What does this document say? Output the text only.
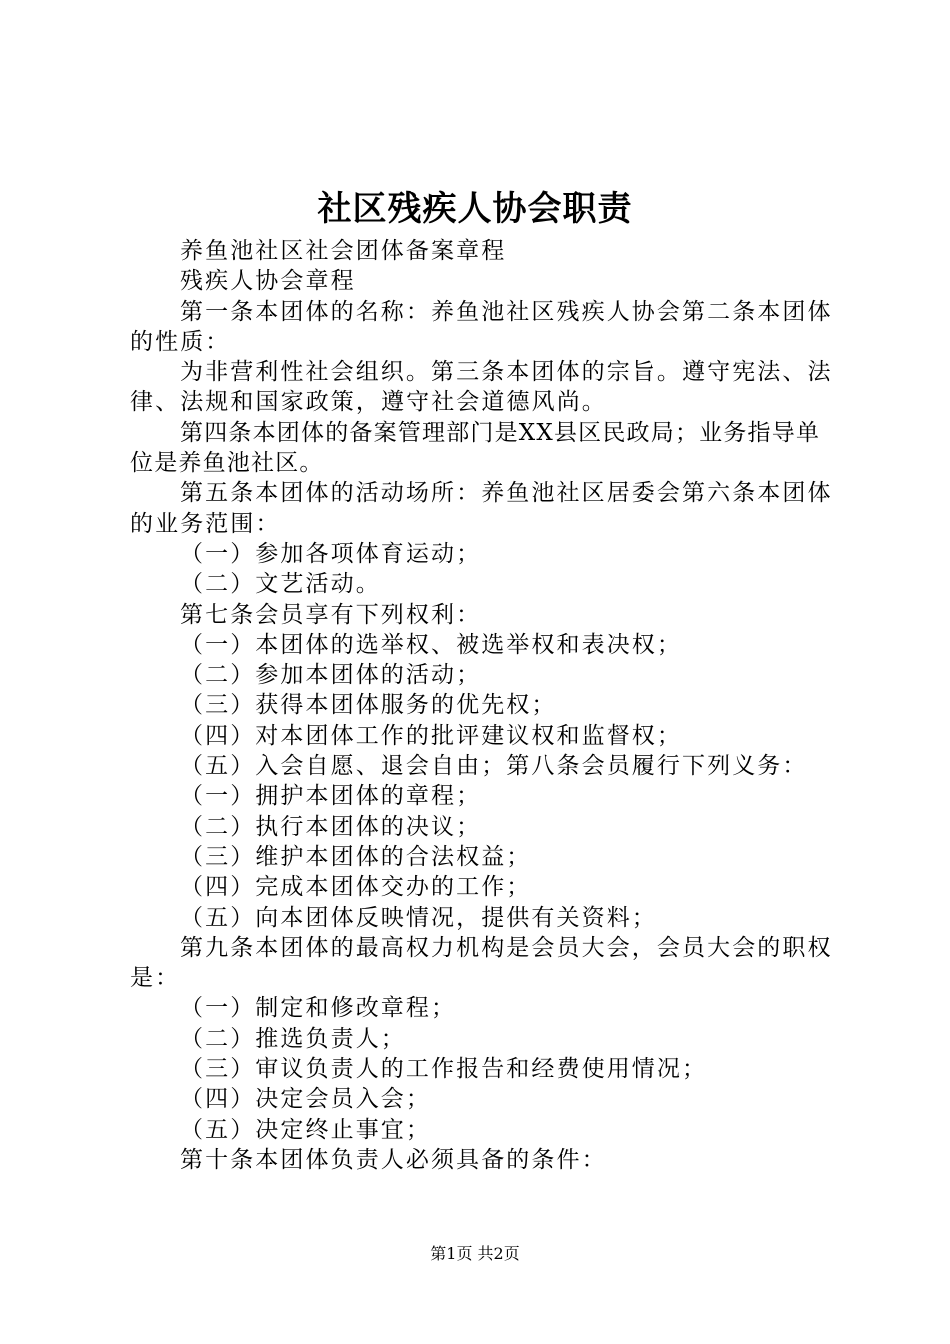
社区残疾人协会职责

养鱼池社区社会团体备案章程

残疾人协会章程

第一条本团体的名称：养鱼池社区残疾人协会第二条本团体的性质：

为非营利性社会组织。第三条本团体的宗旨。遵守宪法、法律、法规和国家政策，遵守社会道德风尚。

第四条本团体的备案管理部门是XX县区民政局；业务指导单位是养鱼池社区。

第五条本团体的活动场所：养鱼池社区居委会第六条本团体的业务范围：

（一）参加各项体育运动；

（二）文艺活动。

第七条会员享有下列权利：

（一）本团体的选举权、被选举权和表决权；

（二）参加本团体的活动；

（三）获得本团体服务的优先权；

（四）对本团体工作的批评建议权和监督权；

（五）入会自愿、退会自由；第八条会员履行下列义务：

（一）拥护本团体的章程；

（二）执行本团体的决议；

（三）维护本团体的合法权益；

（四）完成本团体交办的工作；

（五）向本团体反映情况，提供有关资料；

第九条本团体的最高权力机构是会员大会，会员大会的职权是：

（一）制定和修改章程；

（二）推选负责人；

（三）审议负责人的工作报告和经费使用情况；

（四）决定会员入会；

（五）决定终止事宜；

第十条本团体负责人必须具备的条件：

第1页 共2页
